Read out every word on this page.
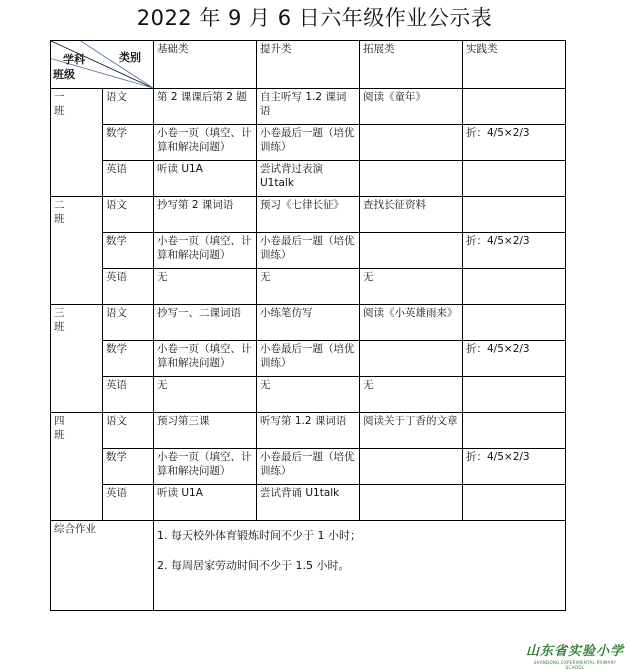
2022 年 9 月 6 日六年级作业公示表
学科 类别
班级		基础类	提升类	拓展类	实践类
一
班	语文	第 2 课课后第 2 题	自主听写 1.2 课词语	阅读《童年》	
	数学	小卷一页（填空、计算和解决问题）	小卷最后一题（培优训练）		折：4/5×2/3
	英语	听读 U1A	尝试背过表演 U1talk		
二
班	语文	抄写第 2 课词语	预习《七律长征》	查找长征资料	
	数学	小卷一页（填空、计算和解决问题）	小卷最后一题（培优训练）		折：4/5×2/3
	英语	无	无	无	
三
班	语文	抄写一、二课词语	小练笔仿写	阅读《小英雄雨来》	
	数学	小卷一页（填空、计算和解决问题）	小卷最后一题（培优训练）		折：4/5×2/3
	英语	无	无	无	
四
班	语文	预习第三课	听写第 1.2 课词语	阅读关于丁香的文章	
	数学	小卷一页（填空、计算和解决问题）	小卷最后一题（培优训练）		折：4/5×2/3
	英语	听读 U1A	尝试背诵 U1talk		
综合作业		1. 每天校外体育锻炼时间不少于 1 小时；
2. 每周居家劳动时间不少于 1.5 小时。			
山东省实验小学
SHANDONG EXPERIMENTAL PRIMARY SCHOOL
